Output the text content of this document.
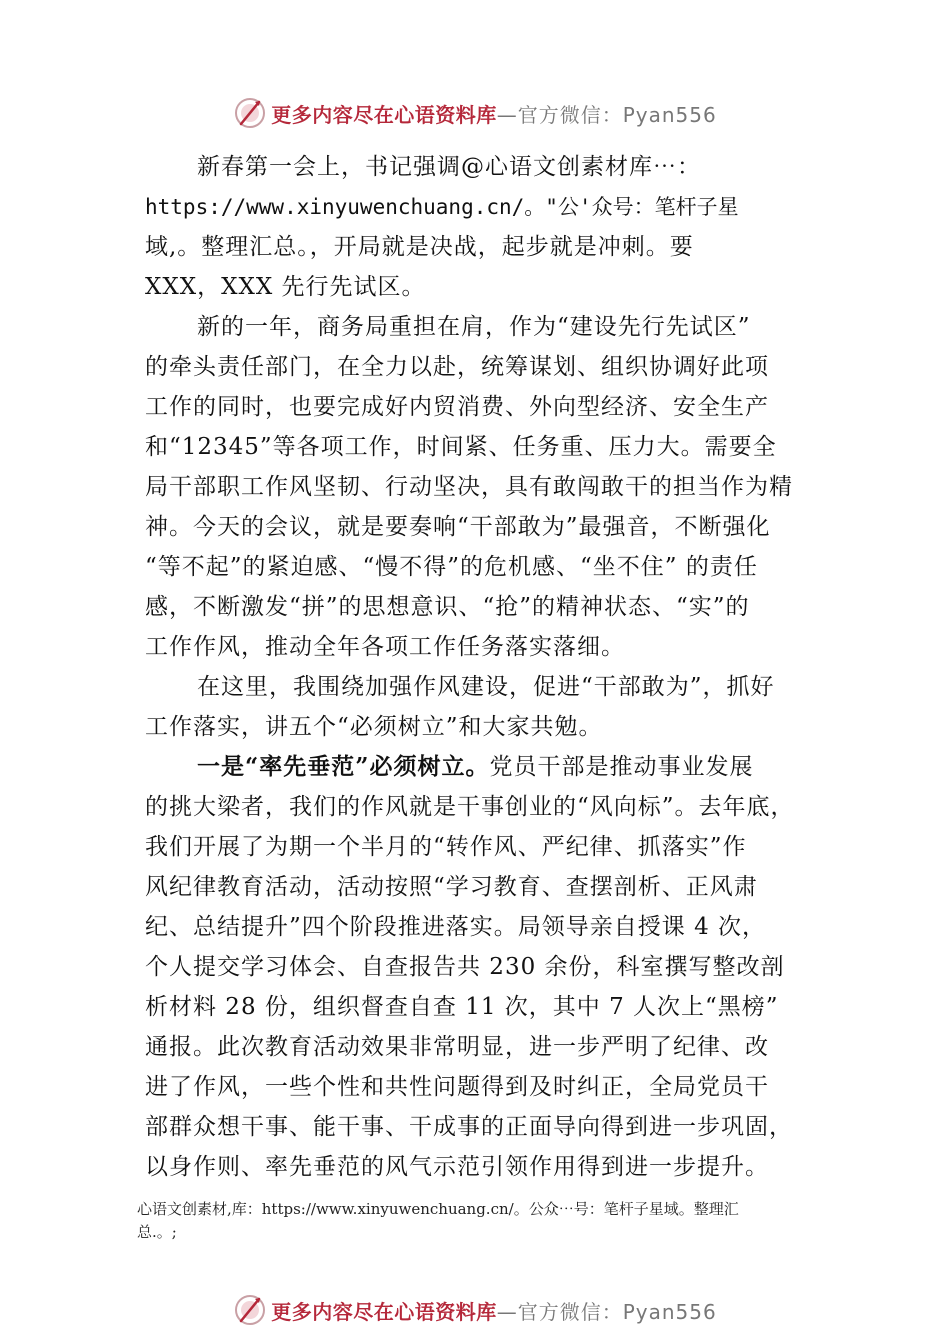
更多内容尽在心语资料库 —官方微信：Pyan556
新春第一会上，书记强调@心语文创素材库⋯：
https://www.xinyuwenchuang.cn/。"公'众号：笔杆子星
域,。整理汇总。，开局就是决战，起步就是冲刺。要
XXX，XXX 先行先试区。
新的一年，商务局重担在肩，作为“建设先行先试区”
的牵头责任部门，在全力以赴，统筹谋划、组织协调好此项
工作的同时，也要完成好内贸消费、外向型经济、安全生产
和“12345”等各项工作，时间紧、任务重、压力大。需要全
局干部职工作风坚韧、行动坚决，具有敢闯敢干的担当作为精
神。今天的会议，就是要奏响“干部敢为”最强音，不断强化
“等不起”的紧迫感、“慢不得”的危机感、“坐不住” 的责任
感，不断激发“拼”的思想意识、“抢”的精神状态、“实”的
工作作风，推动全年各项工作任务落实落细。
在这里，我围绕加强作风建设，促进“干部敢为”，抓好
工作落实，讲五个“必须树立”和大家共勉。
一是“率先垂范”必须树立。党员干部是推动事业发展
的挑大梁者，我们的作风就是干事创业的“风向标”。去年底，
我们开展了为期一个半月的“转作风、严纪律、抓落实”作
风纪律教育活动，活动按照“学习教育、查摆剖析、正风肃
纪、总结提升”四个阶段推进落实。局领导亲自授课 4 次，
个人提交学习体会、自查报告共 230 余份，科室撰写整改剖
析材料 28 份，组织督查自查 11 次，其中 7 人次上“黑榜”
通报。此次教育活动效果非常明显，进一步严明了纪律、改
进了作风，一些个性和共性问题得到及时纠正，全局党员干
部群众想干事、能干事、干成事的正面导向得到进一步巩固，
以身作则、率先垂范的风气示范引领作用得到进一步提升。
心语文创素材,库：https://www.xinyuwenchuang.cn/。公众⋯号：笔杆子星域。整理汇
总.。;
更多内容尽在心语资料库 —官方微信：Pyan556
